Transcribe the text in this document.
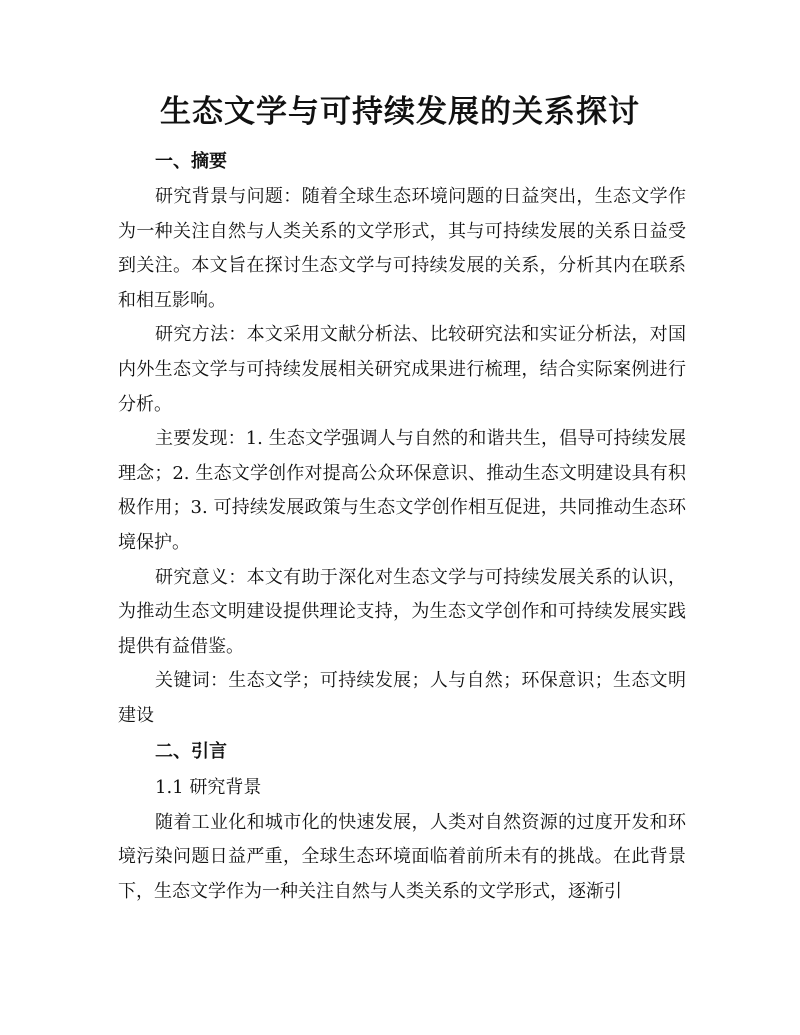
生态文学与可持续发展的关系探讨
一、摘要

研究背景与问题：随着全球生态环境问题的日益突出，生态文学作为一种关注自然与人类关系的文学形式，其与可持续发展的关系日益受到关注。本文旨在探讨生态文学与可持续发展的关系，分析其内在联系和相互影响。

研究方法：本文采用文献分析法、比较研究法和实证分析法，对国内外生态文学与可持续发展相关研究成果进行梳理，结合实际案例进行分析。

主要发现：1. 生态文学强调人与自然的和谐共生，倡导可持续发展理念；2. 生态文学创作对提高公众环保意识、推动生态文明建设具有积极作用；3. 可持续发展政策与生态文学创作相互促进，共同推动生态环境保护。

研究意义：本文有助于深化对生态文学与可持续发展关系的认识，为推动生态文明建设提供理论支持，为生态文学创作和可持续发展实践提供有益借鉴。

关键词：生态文学；可持续发展；人与自然；环保意识；生态文明建设

二、引言

1.1 研究背景

随着工业化和城市化的快速发展，人类对自然资源的过度开发和环境污染问题日益严重，全球生态环境面临着前所未有的挑战。在此背景下，生态文学作为一种关注自然与人类关系的文学形式，逐渐引
